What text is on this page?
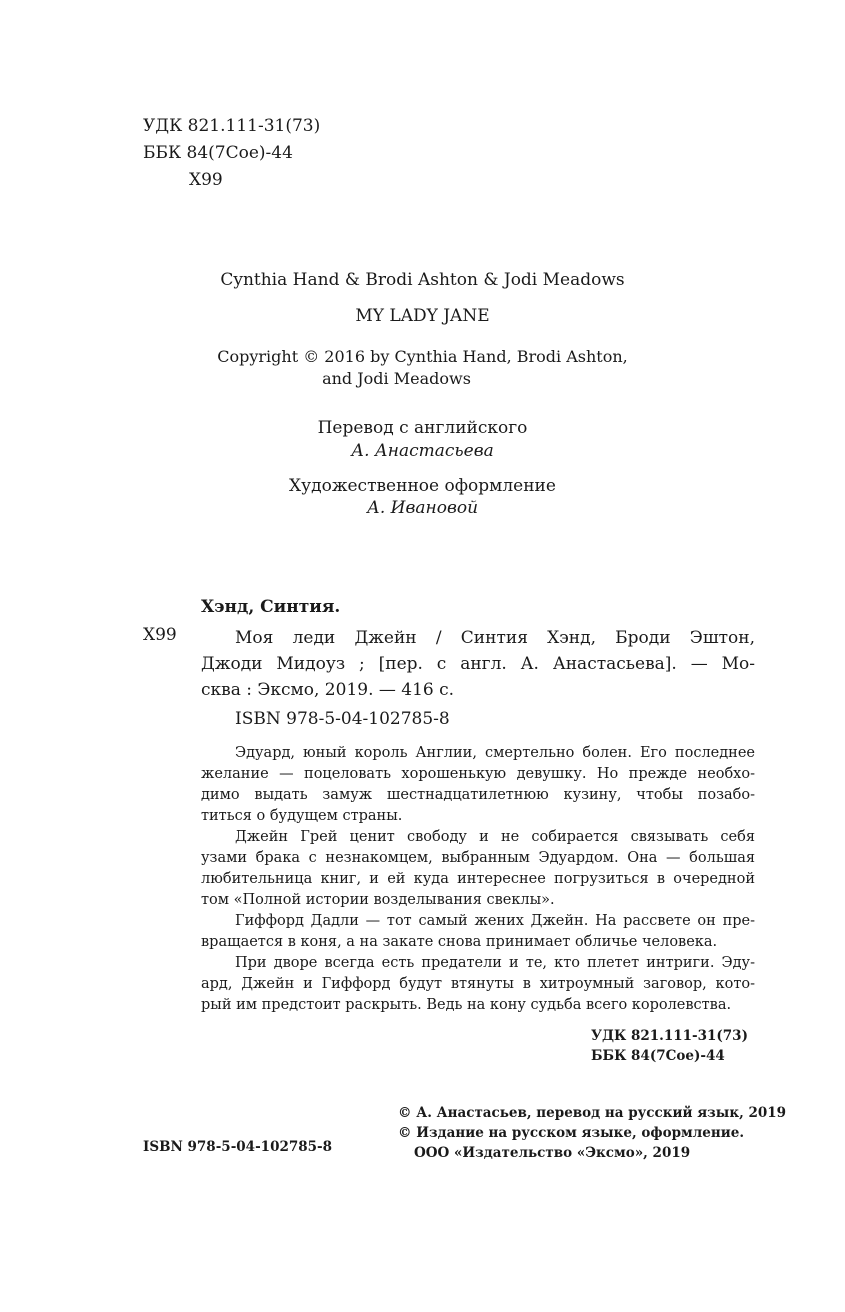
УДК 821.111-31(73)
ББК 84(7Сое)-44
Х99
Cynthia Hand & Brodi Ashton & Jodi Meadows
MY LADY JANE
Copyright © 2016 by Cynthia Hand, Brodi Ashton,
and Jodi Meadows
Перевод с английского
А. Анастасьева
Художественное оформление
А. Ивановой
Хэнд, Синтия.
Х99	Моя леди Джейн / Синтия Хэнд, Броди Эштон,
Джоди Мидоуз ; [пер. с англ. А. Анастасьева]. — Мо-
сква : Эксмо, 2019. — 416 с.
ISBN 978-5-04-102785-8
Эдуард, юный король Англии, смертельно болен. Его последнее
желание — поцеловать хорошенькую девушку. Но прежде необхо-
димо выдать замуж шестнадцатилетнюю кузину, чтобы позабо-
титься о будущем страны.
Джейн Грей ценит свободу и не собирается связывать себя
узами брака с незнакомцем, выбранным Эдуардом. Она — большая
любительница книг, и ей куда интереснее погрузиться в очередной
том «Полной истории возделывания свеклы».
Гиффорд Дадли — тот самый жених Джейн. На рассвете он пре-
вращается в коня, а на закате снова принимает обличье человека.
При дворе всегда есть предатели и те, кто плетет интриги. Эду-
ард, Джейн и Гиффорд будут втянуты в хитроумный заговор, кото-
рый им предстоит раскрыть. Ведь на кону судьба всего королевства.
УДК 821.111-31(73)
ББК 84(7Сое)-44
ISBN 978-5-04-102785-8
© А. Анастасьев, перевод на русский язык, 2019
© Издание на русском языке, оформление.
ООО «Издательство «Эксмо», 2019
